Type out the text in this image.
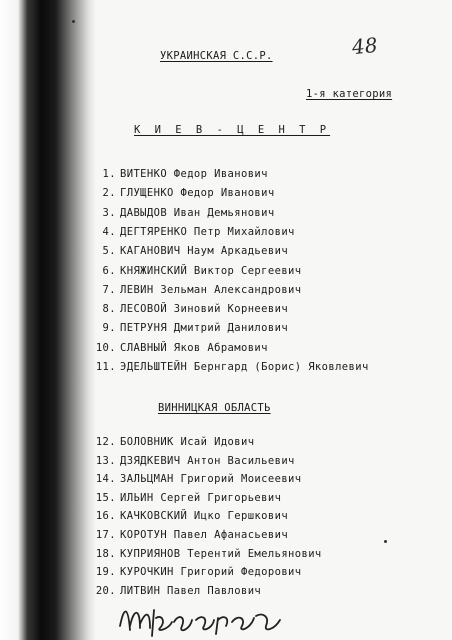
48
УКРАИНСКАЯ С.С.Р.
1-я категория
К И Е В - Ц Е Н Т Р
1. ВИТЕНКО Федор Иванович
2. ГЛУЩЕНКО Федор Иванович
3. ДАВЫДОВ Иван Демьянович
4. ДЕГТЯРЕНКО Петр Михайлович
5. КАГАНОВИЧ Наум Аркадьевич
6. КНЯЖИНСКИЙ Виктор Сергеевич
7. ЛЕВИН Зельман Александрович
8. ЛЕСОВОЙ Зиновий Корнеевич
9. ПЕТРУНЯ Дмитрий Данилович
10. СЛАВНЫЙ Яков Абрамович
11. ЭДЕЛЬШТЕЙН Бернгард (Борис) Яковлевич
ВИННИЦКАЯ ОБЛАСТЬ
12. БОЛОВНИК Исай Идович
13. ДЗЯДКЕВИЧ Антон Васильевич
14. ЗАЛЬЦМАН Григорий Моисеевич
15. ИЛЬИН Сергей Григорьевич
16. КАЧКОВСКИЙ Ицко Гершкович
17. КОРОТУН Павел Афанасьевич
18. КУПРИЯНОВ Терентий Емельянович
19. КУРОЧКИН Григорий Федорович
20. ЛИТВИН Павел Павлович
